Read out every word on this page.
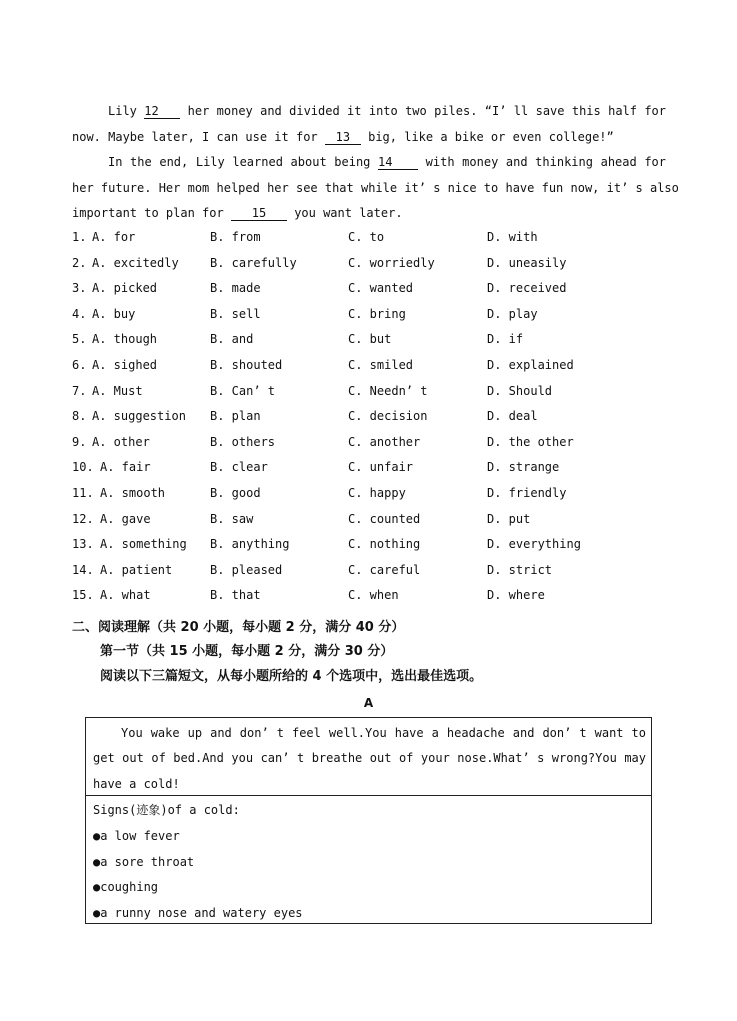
Lily 12 her money and divided it into two piles. “I’ ll save this half for
now. Maybe later, I can use it for 13 big, like a bike or even college!”
In the end, Lily learned about being 14	with money and thinking ahead for
her future. Her mom helped her see that while it’ s nice to have fun now, it’ s also
important to plan for 15 you want later.
1. A. for	B. from	C. to	D. with
2. A. excitedly	B. carefully	C. worriedly	D. uneasily
3. A. picked	B. made	C. wanted	D. received
4. A. buy	B. sell	C. bring	D. play
5. A. though	B. and	C. but	D. if
6. A. sighed	B. shouted	C. smiled	D. explained
7. A. Must	B. Can’ t	C. Needn’ t	D. Should
8. A. suggestion B. plan	C. decision	D. deal
9. A. other	B. others	C. another	D. the other
10. A. fair	B. clear	C. unfair	D. strange
11. A. smooth	B. good	C. happy	D. friendly
12. A. gave	B. saw	C. counted	D. put
13. A. something B. anything	C. nothing	D. everything
14. A. patient	B. pleased	C. careful	D. strict
15. A. what	B. that	C. when	D. where
二、阅读理解（共 20 小题，每小题 2 分，满分 40 分）
第一节（共 15 小题，每小题 2 分，满分 30 分）
阅读以下三篇短文，从每小题所给的 4 个选项中，选出最佳选项。
A
You wake up and don’ t feel well.You have a headache and don’ t want to
get out of bed.And you can’ t breathe out of your nose.What’ s wrong?You may
have a cold!
Signs(迹象)of a cold:
●a low fever
●a sore throat
●coughing
●a runny nose and watery eyes
